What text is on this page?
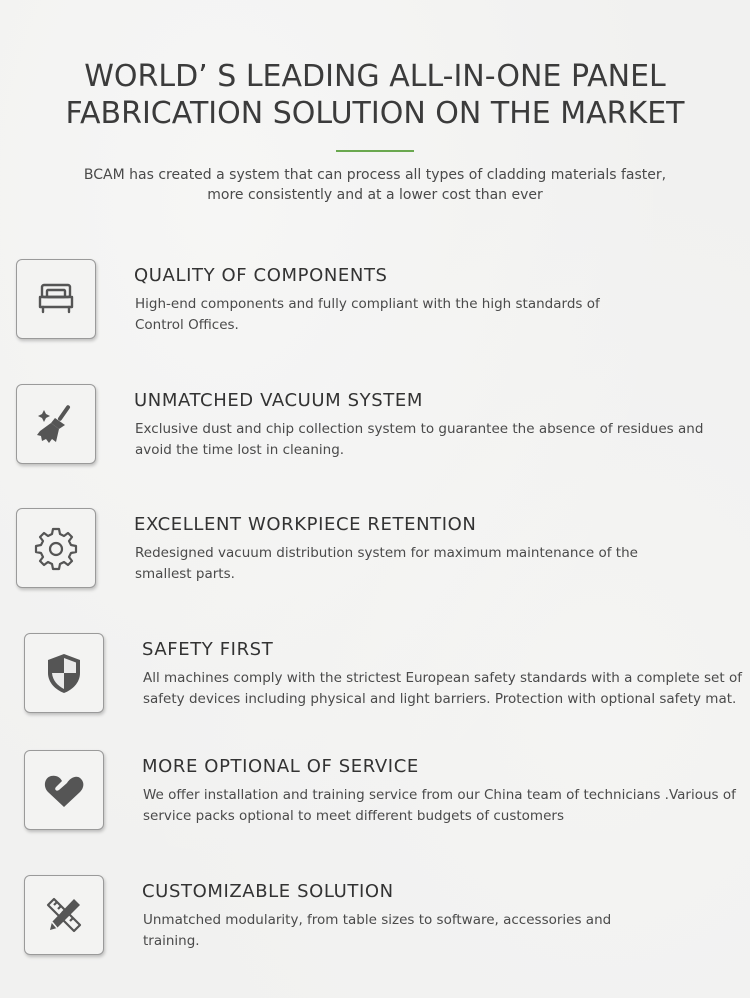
WORLD’ S LEADING ALL-IN-ONE PANEL
FABRICATION SOLUTION ON THE MARKET

BCAM has created a system that can process all types of cladding materials faster, more consistently and at a lower cost than ever

QUALITY OF COMPONENTS

High-end components and fully compliant with the high standards of Control Offices.

UNMATCHED VACUUM SYSTEM

Exclusive dust and chip collection system to guarantee the absence of residues and avoid the time lost in cleaning.

EXCELLENT WORKPIECE RETENTION

Redesigned vacuum distribution system for maximum maintenance of the smallest parts.

SAFETY FIRST

All machines comply with the strictest European safety standards with a complete set of safety devices including physical and light barriers. Protection with optional safety mat.

MORE OPTIONAL OF SERVICE

We offer installation and training service from our China team of technicians .Various of service packs optional to meet different budgets of customers

CUSTOMIZABLE SOLUTION

Unmatched modularity, from table sizes to software, accessories and training.
